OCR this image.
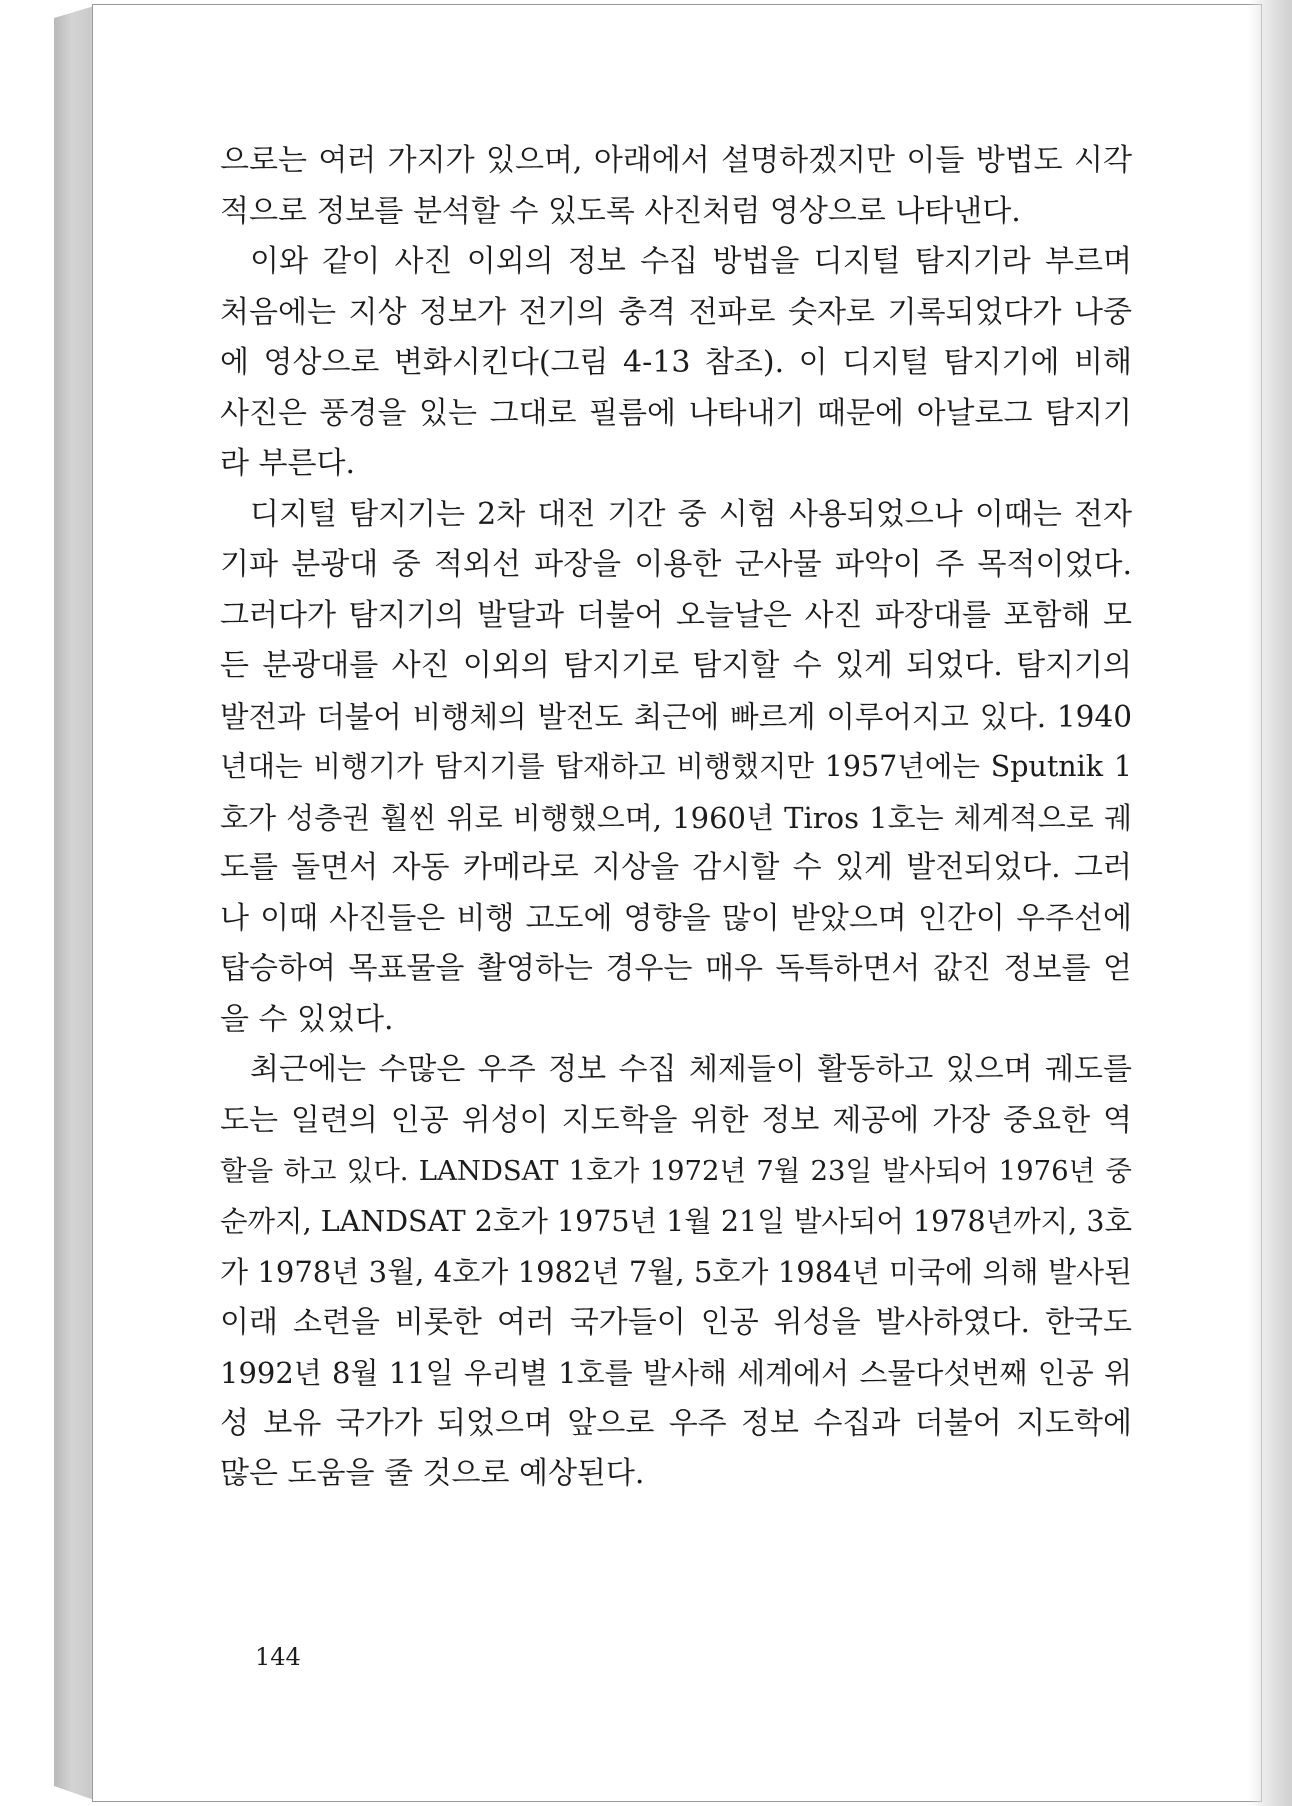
으로는 여러 가지가 있으며, 아래에서 설명하겠지만 이들 방법도 시각
적으로 정보를 분석할 수 있도록 사진처럼 영상으로 나타낸다.
이와 같이 사진 이외의 정보 수집 방법을 디지털 탐지기라 부르며
처음에는 지상 정보가 전기의 충격 전파로 숫자로 기록되었다가 나중
에 영상으로 변화시킨다(그림 4-13 참조). 이 디지털 탐지기에 비해
사진은 풍경을 있는 그대로 필름에 나타내기 때문에 아날로그 탐지기
라 부른다.
디지털 탐지기는 2차 대전 기간 중 시험 사용되었으나 이때는 전자
기파 분광대 중 적외선 파장을 이용한 군사물 파악이 주 목적이었다.
그러다가 탐지기의 발달과 더불어 오늘날은 사진 파장대를 포함해 모
든 분광대를 사진 이외의 탐지기로 탐지할 수 있게 되었다. 탐지기의
발전과 더불어 비행체의 발전도 최근에 빠르게 이루어지고 있다. 1940
년대는 비행기가 탐지기를 탑재하고 비행했지만 1957년에는 Sputnik 1
호가 성층권 훨씬 위로 비행했으며, 1960년 Tiros 1호는 체계적으로 궤
도를 돌면서 자동 카메라로 지상을 감시할 수 있게 발전되었다. 그러
나 이때 사진들은 비행 고도에 영향을 많이 받았으며 인간이 우주선에
탑승하여 목표물을 촬영하는 경우는 매우 독특하면서 값진 정보를 얻
을 수 있었다.
최근에는 수많은 우주 정보 수집 체제들이 활동하고 있으며 궤도를
도는 일련의 인공 위성이 지도학을 위한 정보 제공에 가장 중요한 역
할을 하고 있다. LANDSAT 1호가 1972년 7월 23일 발사되어 1976년 중
순까지, LANDSAT 2호가 1975년 1월 21일 발사되어 1978년까지, 3호
가 1978년 3월, 4호가 1982년 7월, 5호가 1984년 미국에 의해 발사된
이래 소련을 비롯한 여러 국가들이 인공 위성을 발사하였다. 한국도
1992년 8월 11일 우리별 1호를 발사해 세계에서 스물다섯번째 인공 위
성 보유 국가가 되었으며 앞으로 우주 정보 수집과 더불어 지도학에
많은 도움을 줄 것으로 예상된다.
144
